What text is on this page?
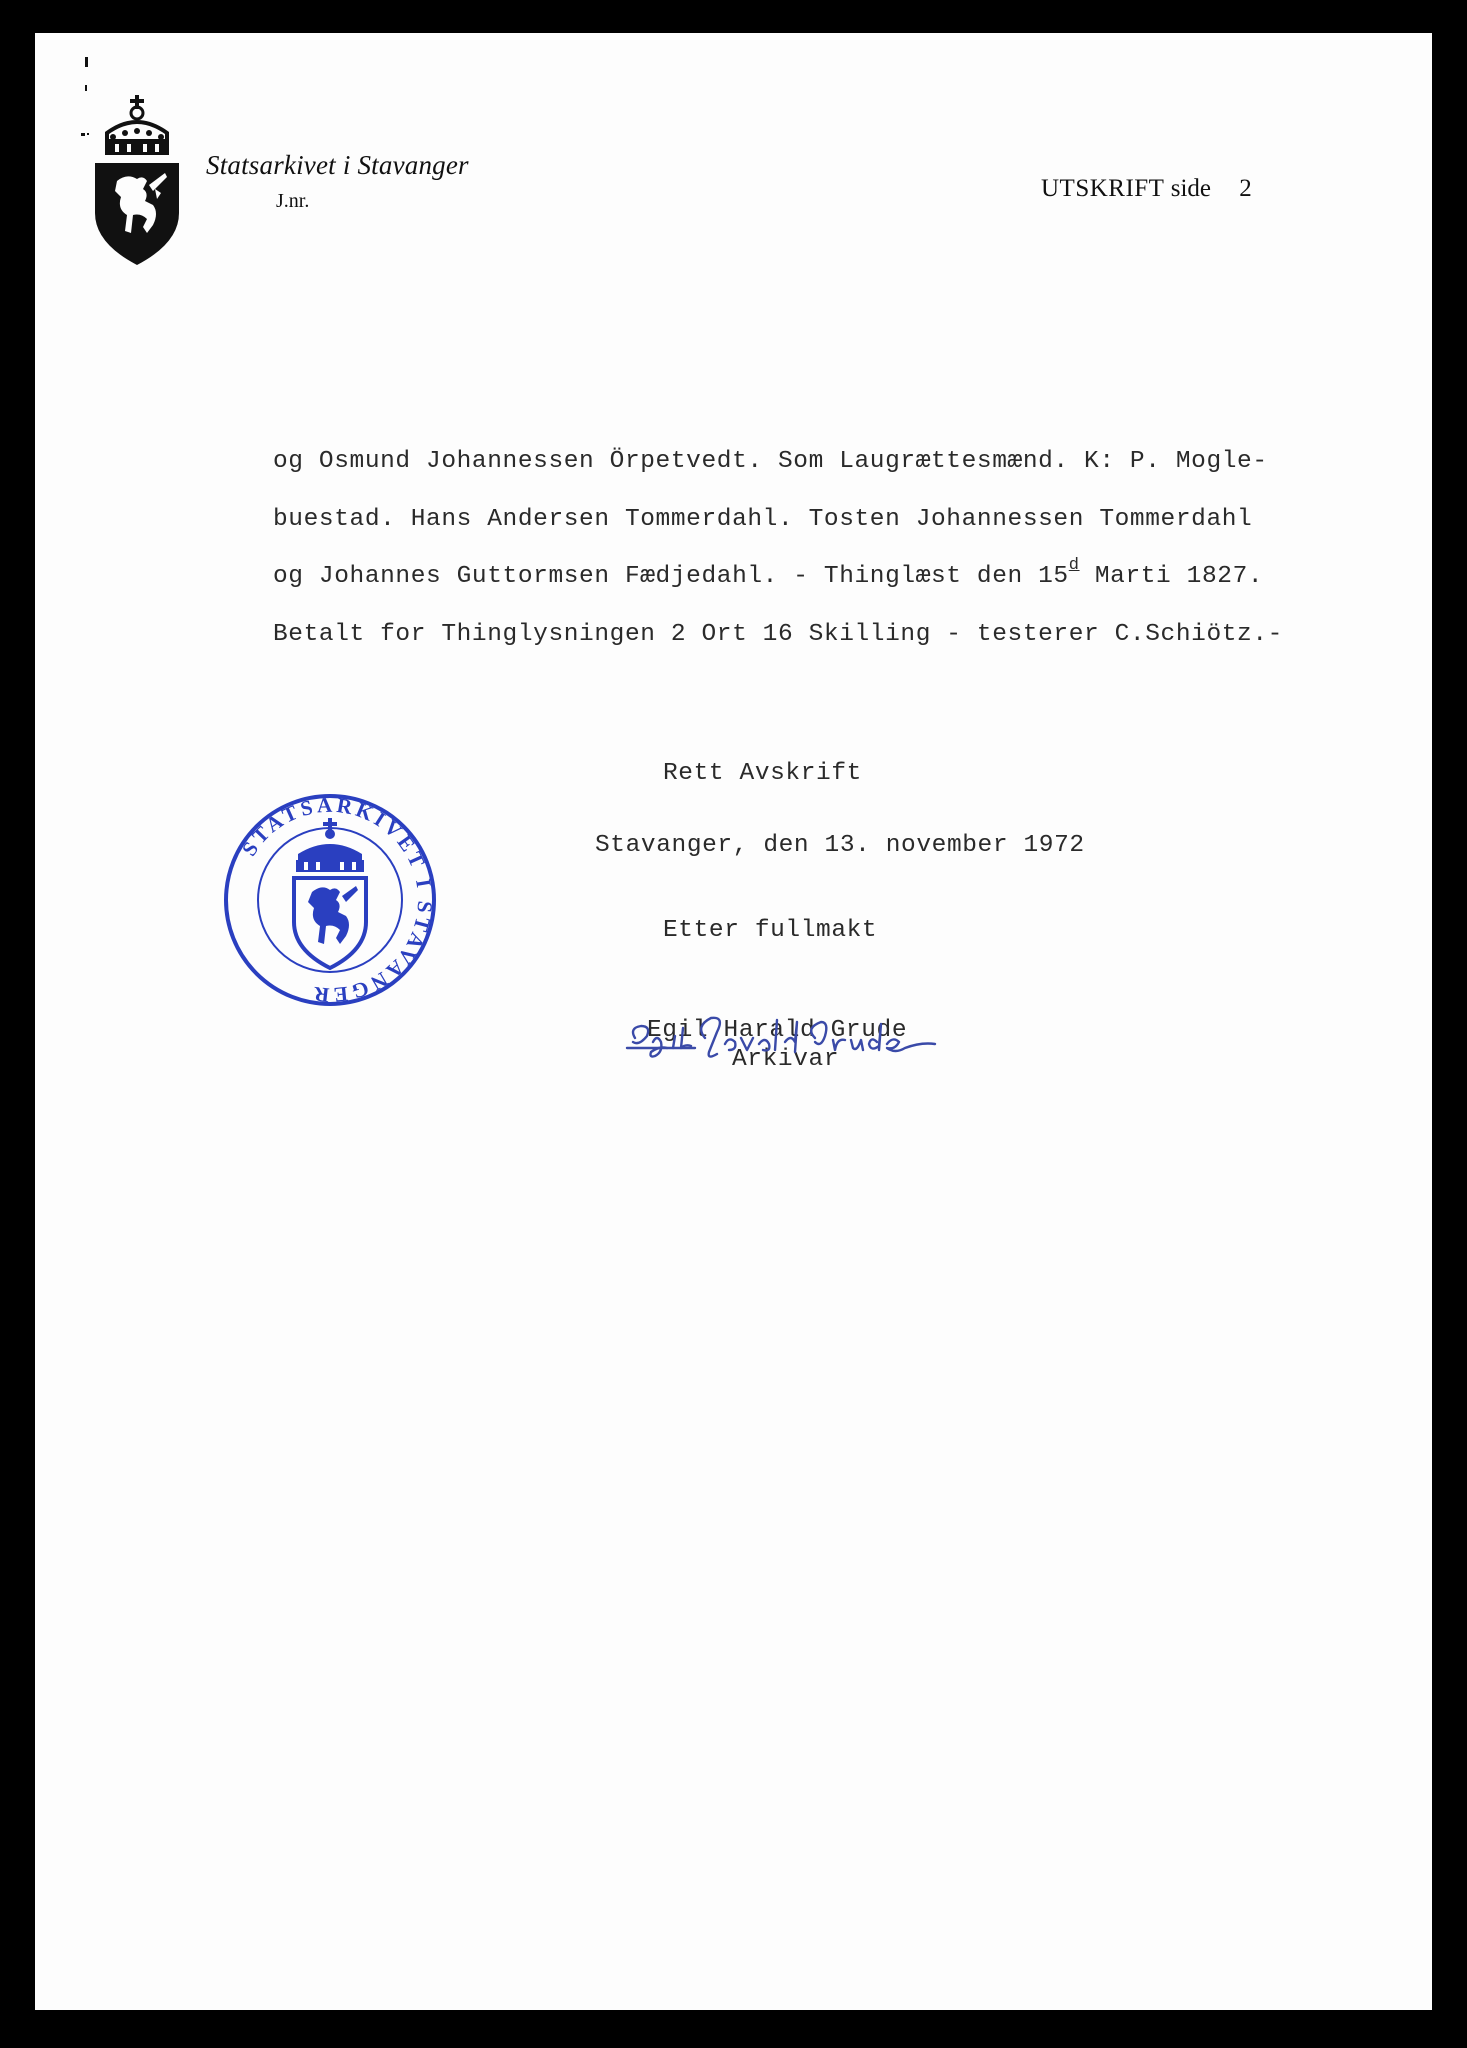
Statsarkivet i Stavanger
J.nr.	UTSKRIFT side 2
og Osmund Johannessen Örpetvedt. Som Laugrættesmænd. K: P. Mogle-
buestad. Hans Andersen Tommerdahl. Tosten Johannessen Tommerdahl
og Johannes Guttormsen Fædjedahl. - Thinglæst den 15$^d$ Marti 1827.
Betalt for Thinglysningen 2 Ort 16 Skilling - testerer C.Schiötz.-
Rett Avskrift
Stavanger, den 13. november 1972
Etter fullmakt
Egil Harald Grude
Arkivar
STATSARKIVET I STAVANGER
